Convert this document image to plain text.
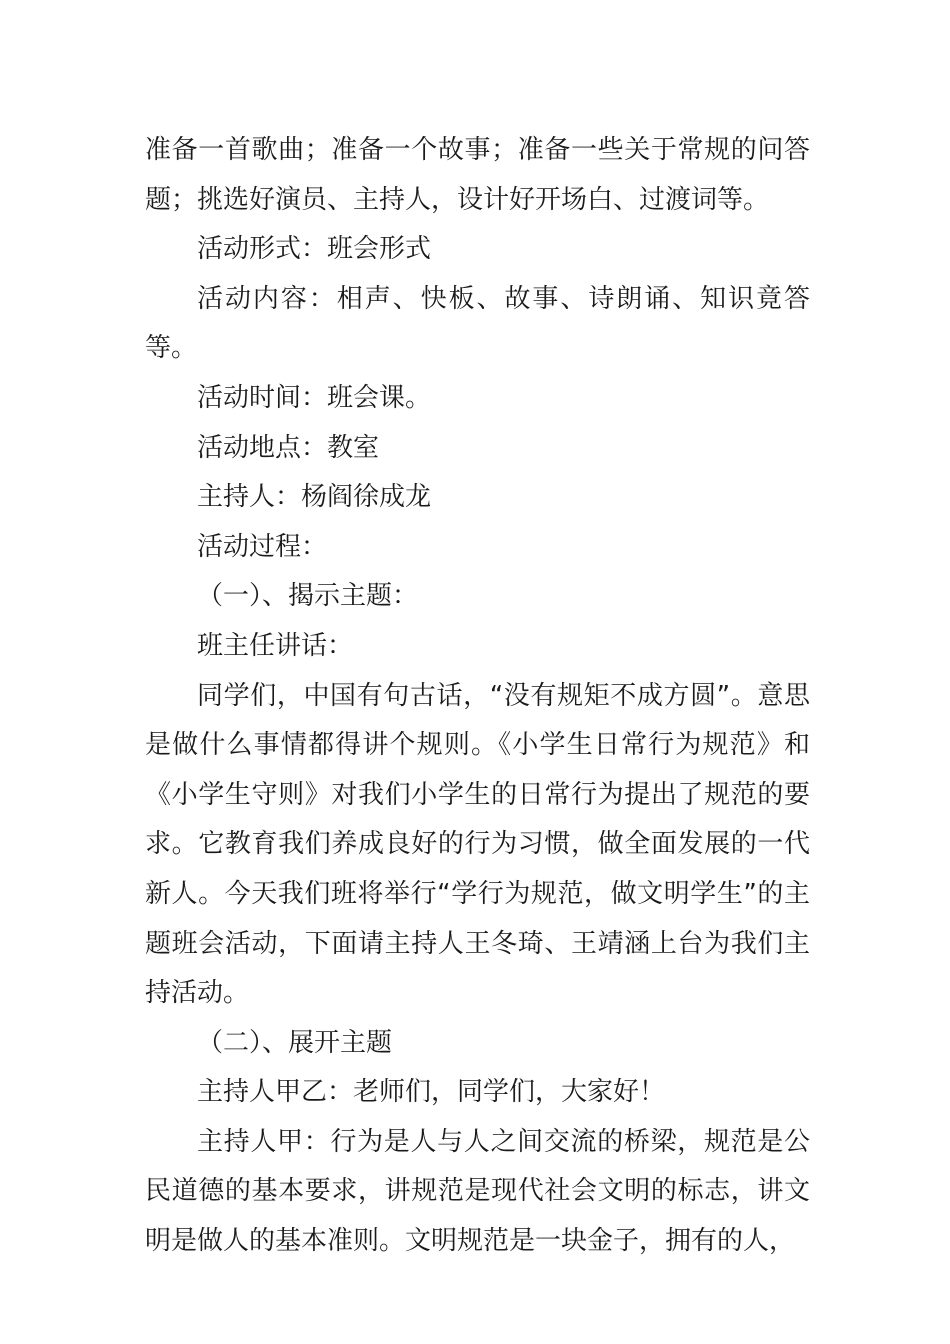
准备一首歌曲；准备一个故事；准备一些关于常规的问答题；挑选好演员、主持人，设计好开场白、过渡词等。

活动形式：班会形式

活动内容：相声、快板、故事、诗朗诵、知识竟答等。

活动时间：班会课。

活动地点：教室

主持人：杨阎徐成龙

活动过程：

（一）、揭示主题：

班主任讲话：

同学们，中国有句古话，“没有规矩不成方圆”。意思是做什么事情都得讲个规则。《小学生日常行为规范》和《小学生守则》对我们小学生的日常行为提出了规范的要求。它教育我们养成良好的行为习惯，做全面发展的一代新人。今天我们班将举行“学行为规范，做文明学生”的主题班会活动，下面请主持人王冬琦、王靖涵上台为我们主持活动。

（二）、展开主题

主持人甲乙：老师们，同学们，大家好！

主持人甲：行为是人与人之间交流的桥梁，规范是公民道德的基本要求，讲规范是现代社会文明的标志，讲文明是做人的基本准则。文明规范是一块金子，拥有的人，
